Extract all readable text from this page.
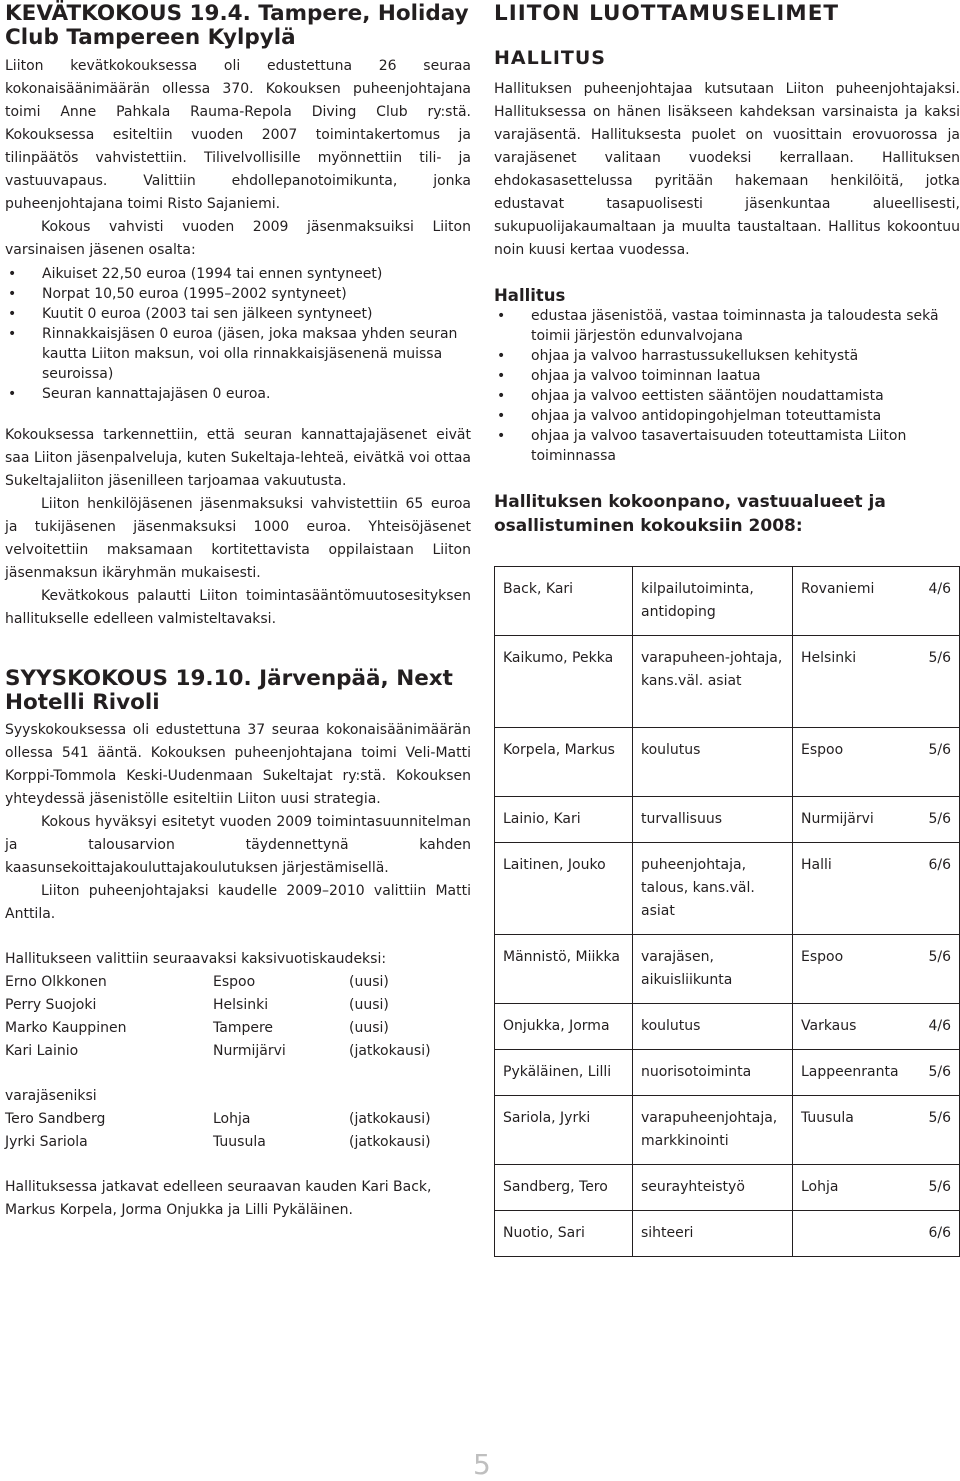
KEVÄTKOKOUS 19.4. Tampere, Holiday
Club Tampereen Kylpylä

Liiton kevätkokouksessa oli edustettuna 26 seuraa kokonaisäänimäärän ollessa 370. Kokouksen puheenjohtajana toimi Anne Pahkala Rauma-Repola Diving Club ry:stä. Kokouksessa esiteltiin vuoden 2007 toimintakertomus ja tilinpäätös vahvistettiin. Tilivelvollisille myönnettiin tili- ja vastuuvapaus. Valittiin ehdollepanotoimikunta, jonka puheenjohtajana toimi Risto Sajaniemi.

Kokous vahvisti vuoden 2009 jäsenmaksuiksi Liiton varsinaisen jäsenen osalta:

• Aikuiset 22,50 euroa (1994 tai ennen syntyneet)
• Norpat 10,50 euroa (1995–2002 syntyneet)
• Kuutit 0 euroa (2003 tai sen jälkeen syntyneet)
• Rinnakkaisjäsen 0 euroa (jäsen, joka maksaa yhden seuran kautta Liiton maksun, voi olla rinnakkaisjäsenenä muissa seuroissa)
• Seuran kannattajajäsen 0 euroa.

Kokouksessa tarkennettiin, että seuran kannattajajäsenet eivät saa Liiton jäsenpalveluja, kuten Sukeltaja-lehteä, eivätkä voi ottaa Sukeltajaliiton jäsenilleen tarjoamaa vakuutusta.

Liiton henkilöjäsenen jäsenmaksuksi vahvistettiin 65 euroa ja tukijäsenen jäsenmaksuksi 1000 euroa. Yhteisöjäsenet velvoitettiin maksamaan kortitettavista oppilaistaan Liiton jäsenmaksun ikäryhmän mukaisesti.

Kevätkokous palautti Liiton toimintasääntömuutosesityksen hallitukselle edelleen valmisteltavaksi.

SYYSKOKOUS 19.10. Järvenpää, Next
Hotelli Rivoli

Syyskokouksessa oli edustettuna 37 seuraa kokonaisäänimäärän ollessa 541 ääntä. Kokouksen puheenjohtajana toimi Veli-Matti Korppi-Tommola Keski-Uudenmaan Sukeltajat ry:stä. Kokouksen yhteydessä jäsenistölle esiteltiin Liiton uusi strategia.

Kokous hyväksyi esitetyt vuoden 2009 toimintasuunnitelman ja talousarvion täydennettynä kahden kaasunsekoittajakouluttajakoulutuksen järjestämisellä.

Liiton puheenjohtajaksi kaudelle 2009–2010 valittiin Matti Anttila.

Hallitukseen valittiin seuraavaksi kaksivuotiskaudeksi:

Erno Olkkonen	Espoo	(uusi)
Perry Suojoki	Helsinki	(uusi)
Marko Kauppinen	Tampere	(uusi)
Kari Lainio	Nurmijärvi	(jatkokausi)

varajäseniksi

Tero Sandberg	Lohja	(jatkokausi)
Jyrki Sariola	Tuusula	(jatkokausi)

Hallituksessa jatkavat edelleen seuraavan kauden Kari Back, Markus Korpela, Jorma Onjukka ja Lilli Pykäläinen.

LIITON LUOTTAMUSELIMET
HALLITUS

Hallituksen puheenjohtajaa kutsutaan Liiton puheenjohtajaksi. Hallituksessa on hänen lisäkseen kahdeksan varsinaista ja kaksi varajäsentä. Hallituksesta puolet on vuosittain erovuorossa ja varajäsenet valitaan vuodeksi kerrallaan. Hallituksen ehdokasasettelussa pyritään hakemaan henkilöitä, jotka edustavat tasapuolisesti jäsenkuntaa alueellisesti, sukupuolijakaumaltaan ja muulta taustaltaan. Hallitus kokoontuu noin kuusi kertaa vuodessa.

Hallitus
• edustaa jäsenistöä, vastaa toiminnasta ja taloudesta sekä toimii järjestön edunvalvojana
• ohjaa ja valvoo harrastussukelluksen kehitystä
• ohjaa ja valvoo toiminnan laatua
• ohjaa ja valvoo eettisten sääntöjen noudattamista
• ohjaa ja valvoo antidopingohjelman toteuttamista
• ohjaa ja valvoo tasavertaisuuden toteuttamista Liiton toiminnassa
Hallituksen kokoonpano, vastuualueet ja osallistuminen kokouksiin 2008:
Back, Kari	kilpailutoiminta, antidoping	Rovaniemi	4/6
Kaikumo, Pekka	varapuheen-johtaja, kans.väl. asiat	Helsinki	5/6
Korpela, Markus	koulutus	Espoo	5/6
Lainio, Kari	turvallisuus	Nurmijärvi	5/6
Laitinen, Jouko	puheenjohtaja, talous, kans.väl. asiat	Halli	6/6
Männistö, Miikka	varajäsen, aikuisliikunta	Espoo	5/6
Onjukka, Jorma	koulutus	Varkaus	4/6
Pykäläinen, Lilli	nuorisotoiminta	Lappeenranta	5/6
Sariola, Jyrki	varapuheenjohtaja, markkinointi	Tuusula	5/6
Sandberg, Tero	seurayhteistyö	Lohja	5/6
Nuotio, Sari	sihteeri		6/6
5
